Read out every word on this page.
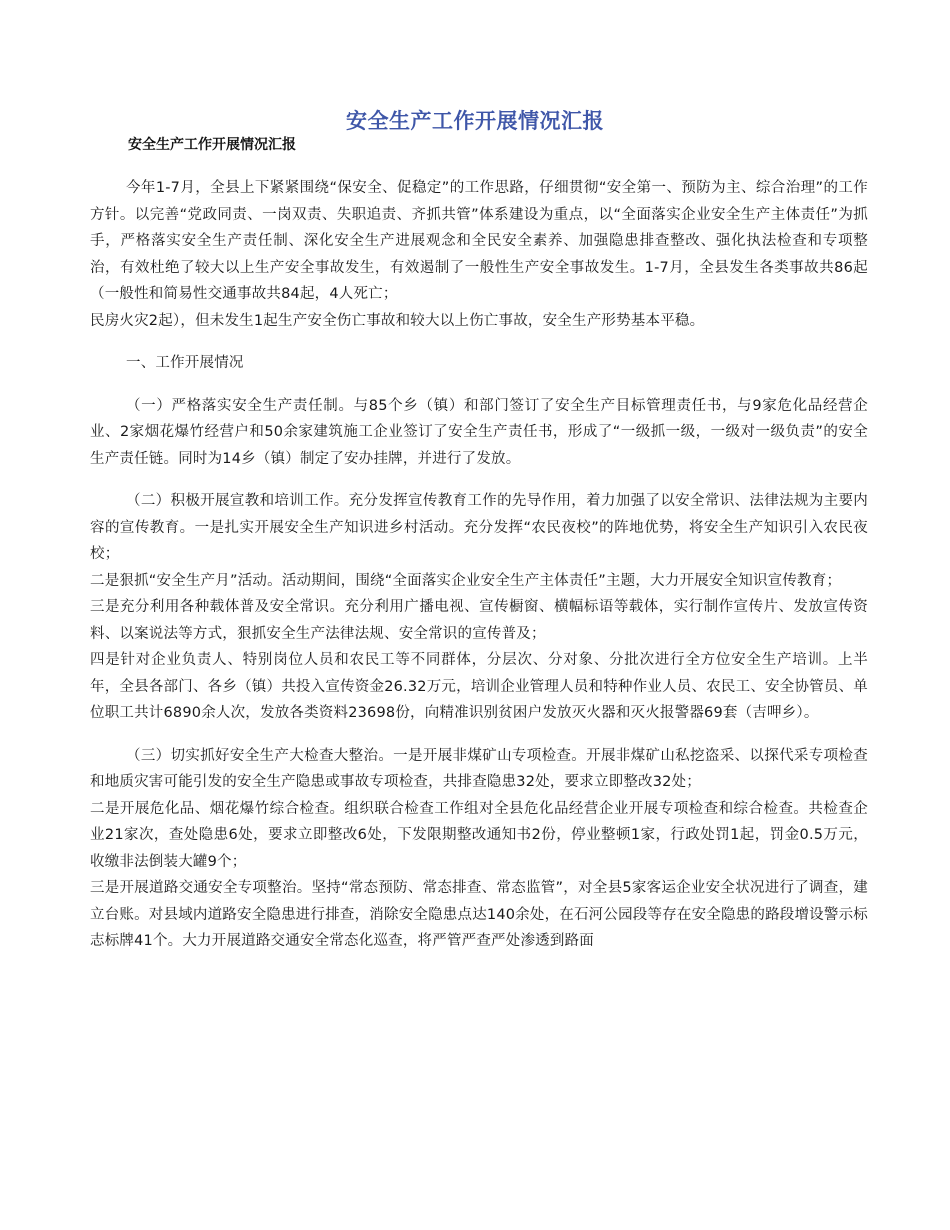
安全生产工作开展情况汇报
安全生产工作开展情况汇报

今年1-7月，全县上下紧紧围绕“保安全、促稳定”的工作思路，仔细贯彻“安全第一、预防为主、综合治理”的工作方针。以完善“党政同责、一岗双责、失职追责、齐抓共管”体系建设为重点，以“全面落实企业安全生产主体责任”为抓手，严格落实安全生产责任制、深化安全生产进展观念和全民安全素养、加强隐患排查整改、强化执法检查和专项整治，有效杜绝了较大以上生产安全事故发生，有效遏制了一般性生产安全事故发生。1-7月，全县发生各类事故共86起（一般性和简易性交通事故共84起，4人死亡；

民房火灾2起），但未发生1起生产安全伤亡事故和较大以上伤亡事故，安全生产形势基本平稳。

一、工作开展情况

（一）严格落实安全生产责任制。与85个乡（镇）和部门签订了安全生产目标管理责任书，与9家危化品经营企业、2家烟花爆竹经营户和50余家建筑施工企业签订了安全生产责任书，形成了“一级抓一级，一级对一级负责”的安全生产责任链。同时为14乡（镇）制定了安办挂牌，并进行了发放。

（二）积极开展宣教和培训工作。充分发挥宣传教育工作的先导作用，着力加强了以安全常识、法律法规为主要内容的宣传教育。一是扎实开展安全生产知识进乡村活动。充分发挥“农民夜校”的阵地优势，将安全生产知识引入农民夜校；

二是狠抓“安全生产月”活动。活动期间，围绕“全面落实企业安全生产主体责任”主题，大力开展安全知识宣传教育；

三是充分利用各种载体普及安全常识。充分利用广播电视、宣传橱窗、横幅标语等载体，实行制作宣传片、发放宣传资料、以案说法等方式，狠抓安全生产法律法规、安全常识的宣传普及；

四是针对企业负责人、特别岗位人员和农民工等不同群体，分层次、分对象、分批次进行全方位安全生产培训。上半年，全县各部门、各乡（镇）共投入宣传资金26.32万元，培训企业管理人员和特种作业人员、农民工、安全协管员、单位职工共计6890余人次，发放各类资料23698份，向精准识别贫困户发放灭火器和灭火报警器69套（吉呷乡）。

（三）切实抓好安全生产大检查大整治。一是开展非煤矿山专项检查。开展非煤矿山私挖盗采、以探代采专项检查和地质灾害可能引发的安全生产隐患或事故专项检查，共排查隐患32处，要求立即整改32处；

二是开展危化品、烟花爆竹综合检查。组织联合检查工作组对全县危化品经营企业开展专项检查和综合检查。共检查企业21家次，查处隐患6处，要求立即整改6处，下发限期整改通知书2份，停业整顿1家，行政处罚1起，罚金0.5万元，收缴非法倒装大罐9个；

三是开展道路交通安全专项整治。坚持“常态预防、常态排查、常态监管”，对全县5家客运企业安全状况进行了调查，建立台账。对县域内道路安全隐患进行排查，消除安全隐患点达140余处，在石河公园段等存在安全隐患的路段增设警示标志标牌41个。大力开展道路交通安全常态化巡查，将严管严查严处渗透到路面
